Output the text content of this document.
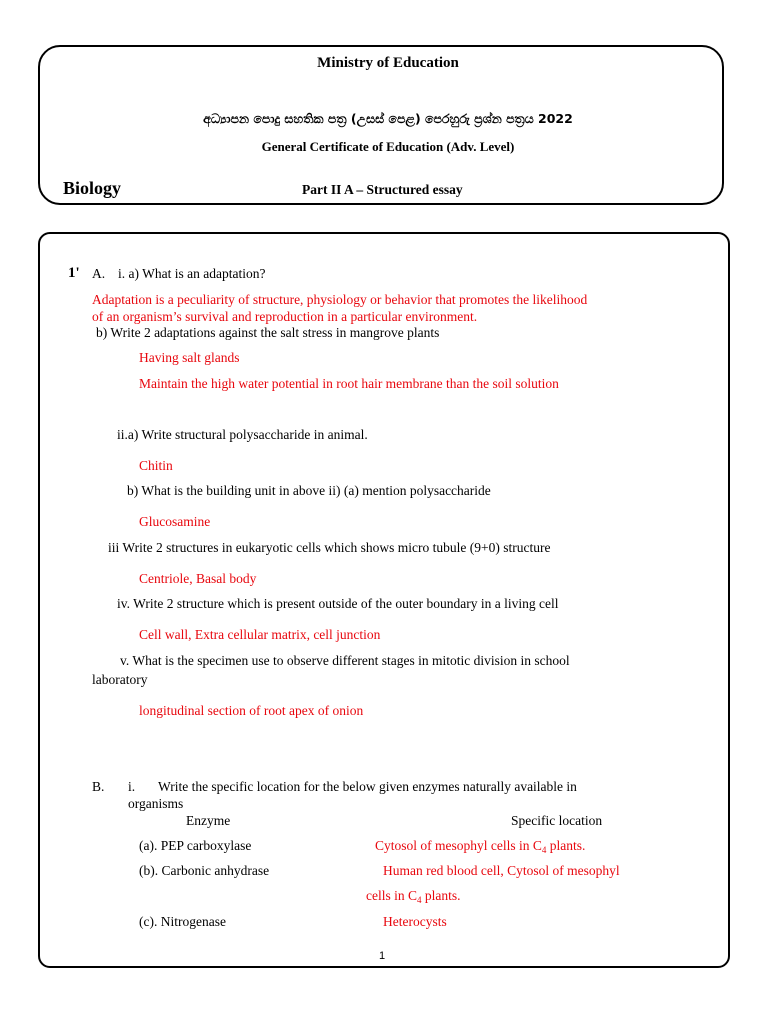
Ministry of Education
අධ්‍යාපන පොදු සහතික පත්‍ර (උසස් පෙළ) පෙරහුරු ප්‍රශ්න පත්‍රය 2022
General Certificate of Education (Adv. Level)
Biology	Part II A – Structured essay
1' A. i. a) What is an adaptation?
Adaptation is a peculiarity of structure, physiology or behavior that promotes the likelihood
of an organism’s survival and reproduction in a particular environment.
b) Write 2 adaptations against the salt stress in mangrove plants
Having salt glands
Maintain the high water potential in root hair membrane than the soil solution
ii.a) Write structural polysaccharide in animal.
Chitin
b) What is the building unit in above ii) (a) mention polysaccharide
Glucosamine
iii Write 2 structures in eukaryotic cells which shows micro tubule (9+0) structure
Centriole, Basal body
iv. Write 2 structure which is present outside of the outer boundary in a living cell
Cell wall, Extra cellular matrix, cell junction
v. What is the specimen use to observe different stages in mitotic division in school
laboratory
longitudinal section of root apex of onion
B. i. Write the specific location for the below given enzymes naturally available in
organisms
Enzyme	Specific location
(a). PEP carboxylase	Cytosol of mesophyl cells in $C_4$ plants.
(b). Carbonic anhydrase	Human red blood cell, Cytosol of mesophyl
cells in $C_4$ plants.
(c). Nitrogenase	Heterocysts
1
